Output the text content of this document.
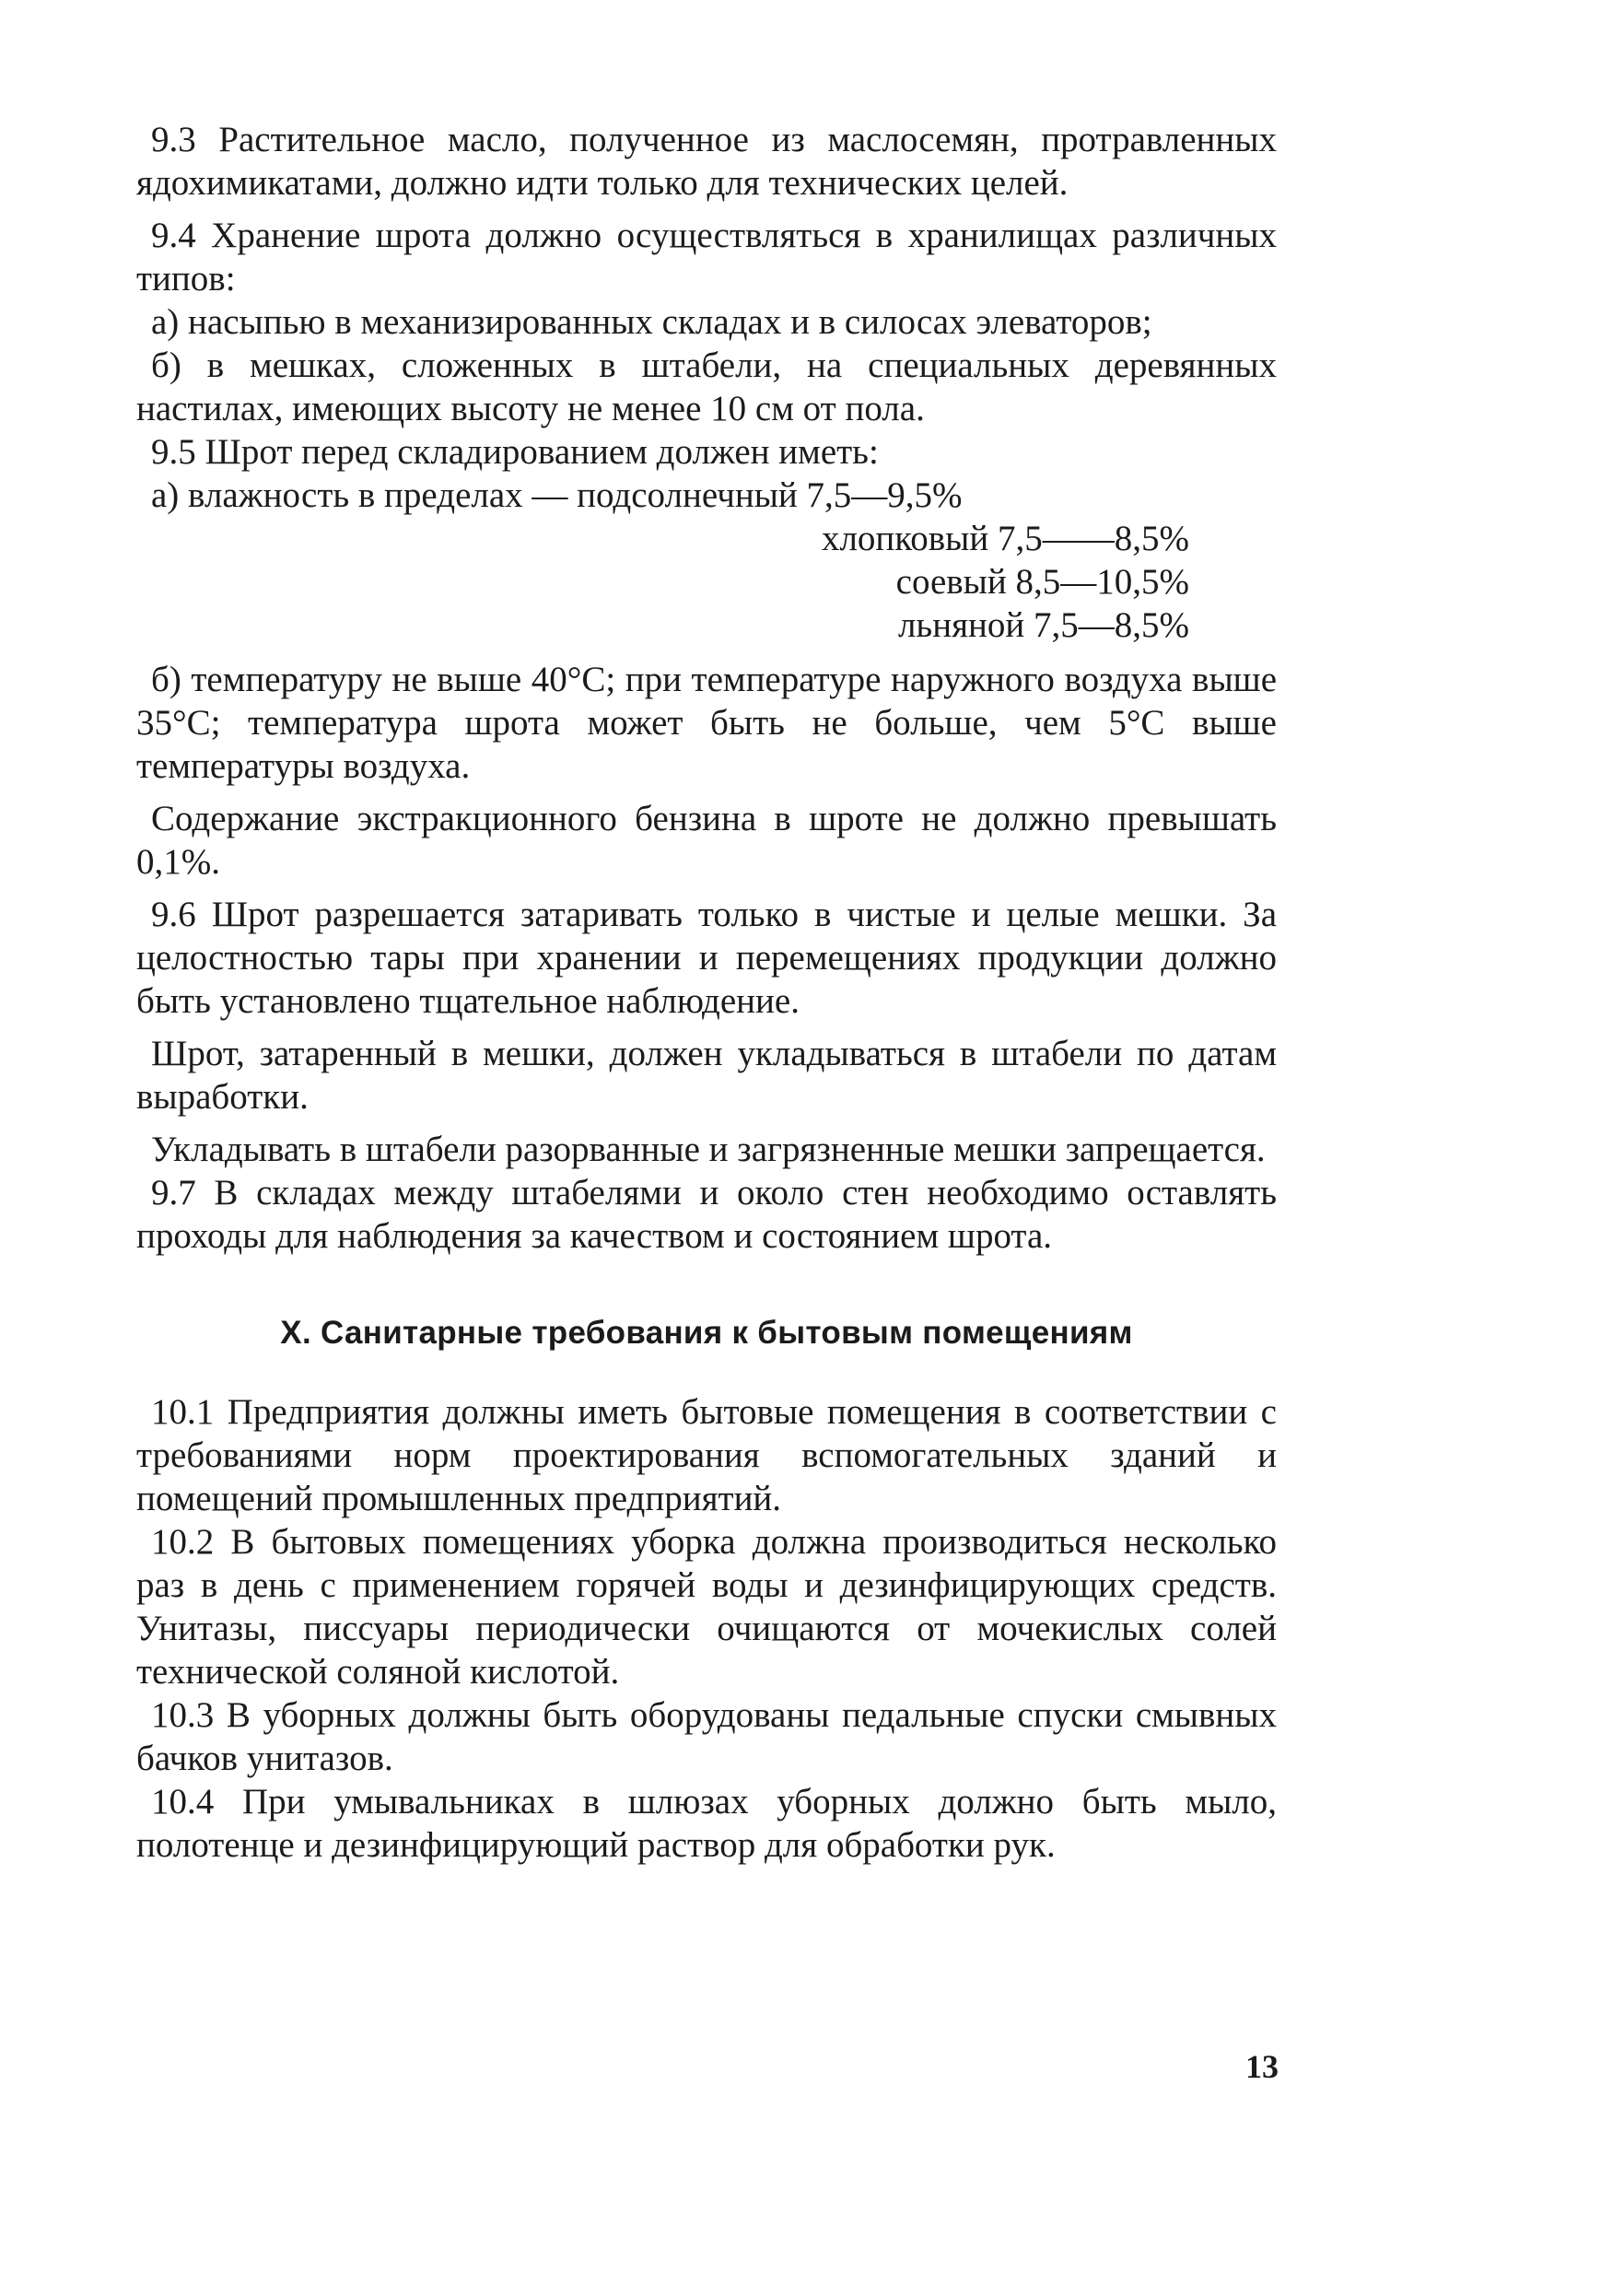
9.3 Растительное масло, полученное из маслосемян, протравленных ядохимикатами, должно идти только для технических целей.

9.4 Хранение шрота должно осуществляться в хранилищах различных типов:

а) насыпью в механизированных складах и в силосах элеваторов;

б) в мешках, сложенных в штабели, на специальных деревянных настилах, имеющих высоту не менее 10 см от пола.

9.5 Шрот перед складированием должен иметь:

а) влажность в пределах — подсолнечный 7,5—9,5%
хлопковый 7,5——8,5%
соевый 8,5—10,5%
льняной 7,5—8,5%

б) температуру не выше 40°С; при температуре наружного воздуха выше 35°С; температура шрота может быть не больше, чем 5°С выше температуры воздуха.

Содержание экстракционного бензина в шроте не должно превышать 0,1%.

9.6 Шрот разрешается затаривать только в чистые и целые мешки. За целостностью тары при хранении и перемещениях продукции должно быть установлено тщательное наблюдение.

Шрот, затаренный в мешки, должен укладываться в штабели по датам выработки.

Укладывать в штабели разорванные и загрязненные мешки запрещается.

9.7 В складах между штабелями и около стен необходимо оставлять проходы для наблюдения за качеством и состоянием шрота.

X. Санитарные требования к бытовым помещениям

10.1 Предприятия должны иметь бытовые помещения в соответствии с требованиями норм проектирования вспомогательных зданий и помещений промышленных предприятий.

10.2 В бытовых помещениях уборка должна производиться несколько раз в день с применением горячей воды и дезинфицирующих средств. Унитазы, писсуары периодически очищаются от мочекислых солей технической соляной кислотой.

10.3 В уборных должны быть оборудованы педальные спуски смывных бачков унитазов.

10.4 При умывальниках в шлюзах уборных должно быть мыло, полотенце и дезинфицирующий раствор для обработки рук.

13
